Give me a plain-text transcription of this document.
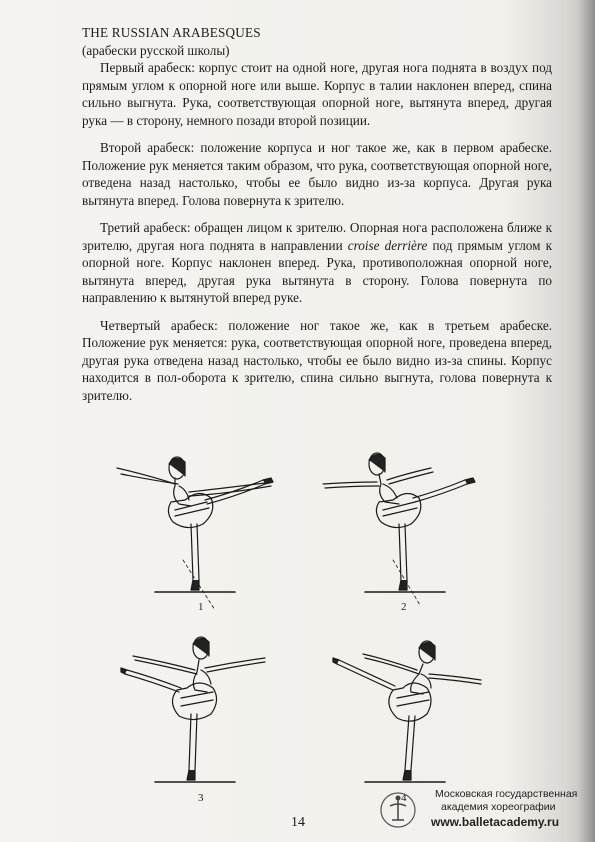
THE RUSSIAN ARABESQUES
(арабески русской школы)

Первый арабеск: корпус стоит на одной ноге, другая нога поднята в воздух под прямым углом к опорной ноге или выше. Корпус в талии наклонен вперед, спина сильно выгнута. Рука, соответствующая опорной ноге, вытянута вперед, другая рука — в сторону, немного позади второй позиции.

Второй арабеск: положение корпуса и ног такое же, как в первом арабеске. Положение рук меняется таким образом, что рука, соответствующая опорной ноге, отведена назад настолько, чтобы ее было видно из-за корпуса. Другая рука вытянута вперед. Голова повернута к зрителю.

Третий арабеск: обращен лицом к зрителю. Опорная нога расположена ближе к зрителю, другая нога поднята в направлении croise derrière под прямым углом к опорной ноге. Корпус наклонен вперед. Рука, противоположная опорной ноге, вытянута вперед, другая рука вытянута в сторону. Голова повернута по направлению к вытянутой вперед руке.

Четвертый арабеск: положение ног такое же, как в третьем арабеске. Положение рук меняется: рука, соответствующая опорной ноге, проведена вперед, другая рука отведена назад настолько, чтобы ее было видно из-за спины. Корпус находится в пол-оборота к зрителю, спина сильно выгнута, голова повернута к зрителю.

1	2
3	4
14
Московская государственная
академия хореографии
www.balletacademy.ru
